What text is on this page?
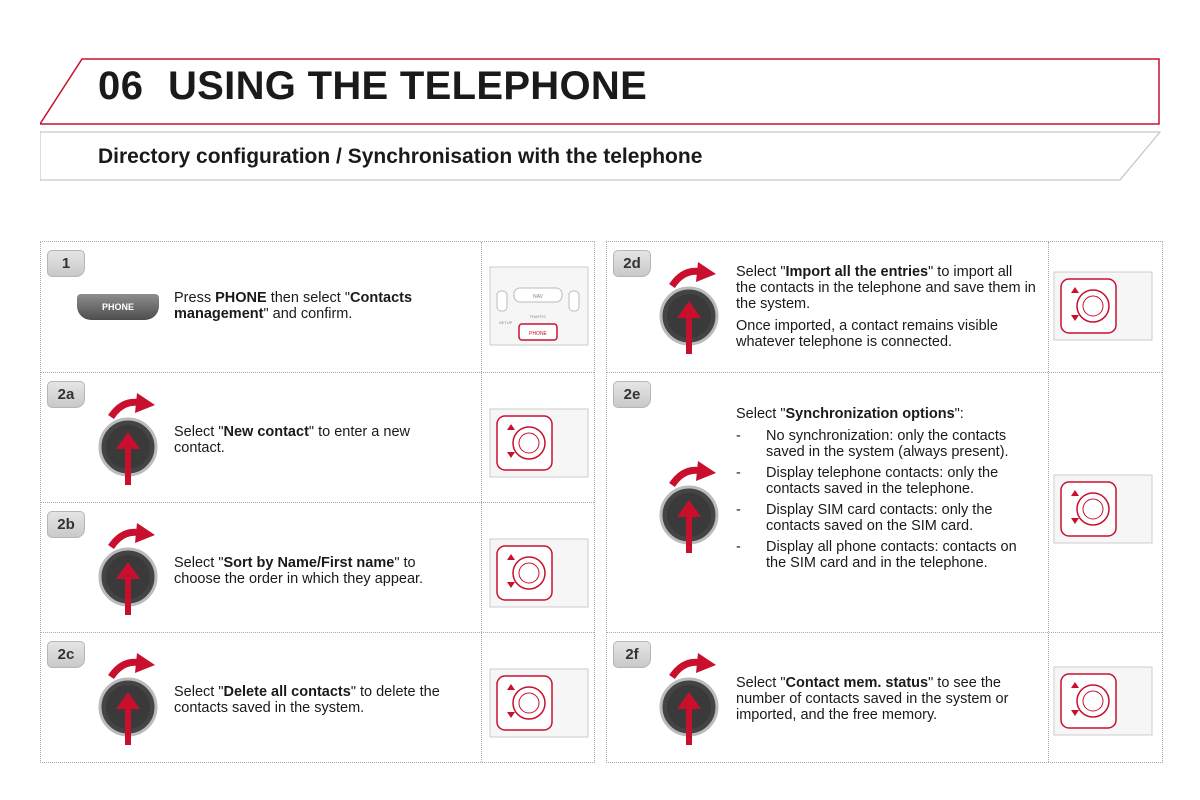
06 USING THE TELEPHONE
Directory configuration / Synchronisation with the telephone
1
PHONE
Press PHONE then select "Contacts management" and confirm.
NAV
TRAFFIC
SETUP
PHONE
2a
Select "New contact" to enter a new contact.
2b
Select "Sort by Name/First name" to choose the order in which they appear.
2c
Select "Delete all contacts" to delete the contacts saved in the system.
2d	Select "Import all the entries" to import all the contacts in the telephone and save them in the system.

Once imported, a contact remains visible whatever telephone is connected.

2e
Select "Synchronization options":
- No synchronization: only the contacts saved in the system (always present).
- Display telephone contacts: only the contacts saved in the telephone.
- Display SIM card contacts: only the contacts saved on the SIM card.
- Display all phone contacts: contacts on the SIM card and in the telephone.
2f
Select "Contact mem. status" to see the number of contacts saved in the system or imported, and the free memory.
